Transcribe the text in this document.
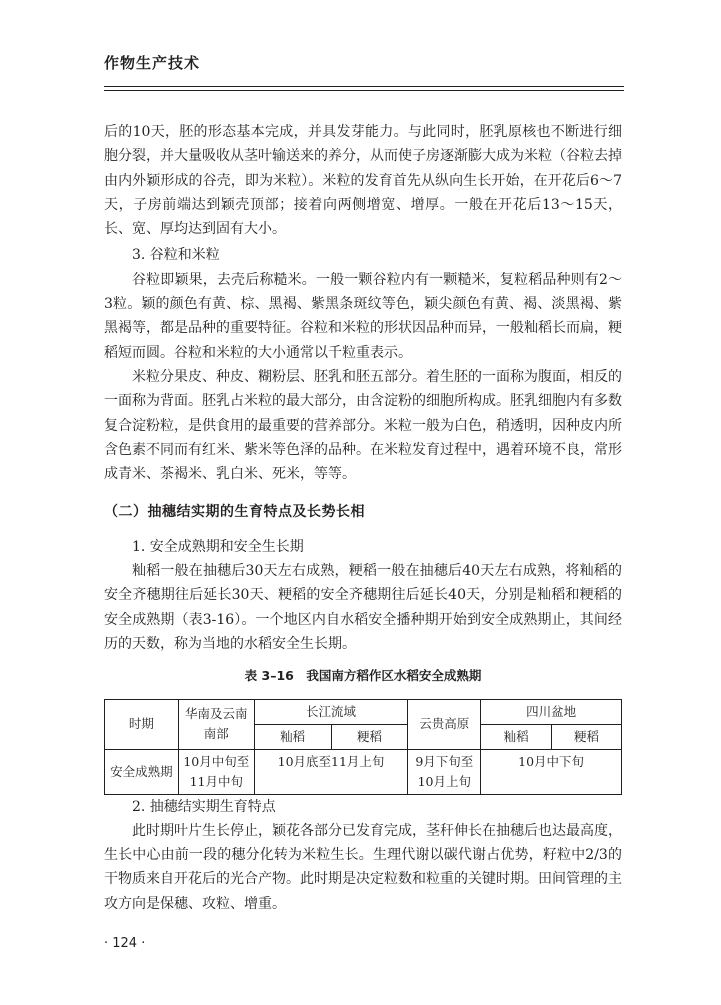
作物生产技术

后的10天，胚的形态基本完成，并具发芽能力。与此同时，胚乳原核也不断进行细胞分裂，并大量吸收从茎叶输送来的养分，从而使子房逐渐膨大成为米粒（谷粒去掉由内外颖形成的谷壳，即为米粒）。米粒的发育首先从纵向生长开始，在开花后6～7天，子房前端达到颖壳顶部；接着向两侧增宽、增厚。一般在开花后13～15天，长、宽、厚均达到固有大小。

3. 谷粒和米粒

谷粒即颖果，去壳后称糙米。一般一颗谷粒内有一颗糙米，复粒稻品种则有2～3粒。颖的颜色有黄、棕、黑褐、紫黑条斑纹等色，颖尖颜色有黄、褐、淡黑褐、紫黑褐等，都是品种的重要特征。谷粒和米粒的形状因品种而异，一般籼稻长而扁，粳稻短而圆。谷粒和米粒的大小通常以千粒重表示。

米粒分果皮、种皮、糊粉层、胚乳和胚五部分。着生胚的一面称为腹面，相反的一面称为背面。胚乳占米粒的最大部分，由含淀粉的细胞所构成。胚乳细胞内有多数复合淀粉粒，是供食用的最重要的营养部分。米粒一般为白色，稍透明，因种皮内所含色素不同而有红米、紫米等色泽的品种。在米粒发育过程中，遇着环境不良，常形成青米、茶褐米、乳白米、死米，等等。

（二）抽穗结实期的生育特点及长势长相

1. 安全成熟期和安全生长期

籼稻一般在抽穗后30天左右成熟，粳稻一般在抽穗后40天左右成熟，将籼稻的安全齐穗期往后延长30天、粳稻的安全齐穗期往后延长40天，分别是籼稻和粳稻的安全成熟期（表3-16）。一个地区内自水稻安全播种期开始到安全成熟期止，其间经历的天数，称为当地的水稻安全生长期。

表 3–16　我国南方稻作区水稻安全成熟期
时期	华南及云南南部	长江流域		云贵高原	四川盆地	
		籼稻	粳稻		籼稻	粳稻
安全成熟期	10月中旬至11月中旬	10月底至11月上旬		9月下旬至10月上旬	10月中下旬	

2. 抽穗结实期生育特点

此时期叶片生长停止，颖花各部分已发育完成，茎秆伸长在抽穗后也达最高度，生长中心由前一段的穗分化转为米粒生长。生理代谢以碳代谢占优势，籽粒中2/3的干物质来自开花后的光合产物。此时期是决定粒数和粒重的关键时期。田间管理的主攻方向是保穗、攻粒、增重。

· 124 ·
